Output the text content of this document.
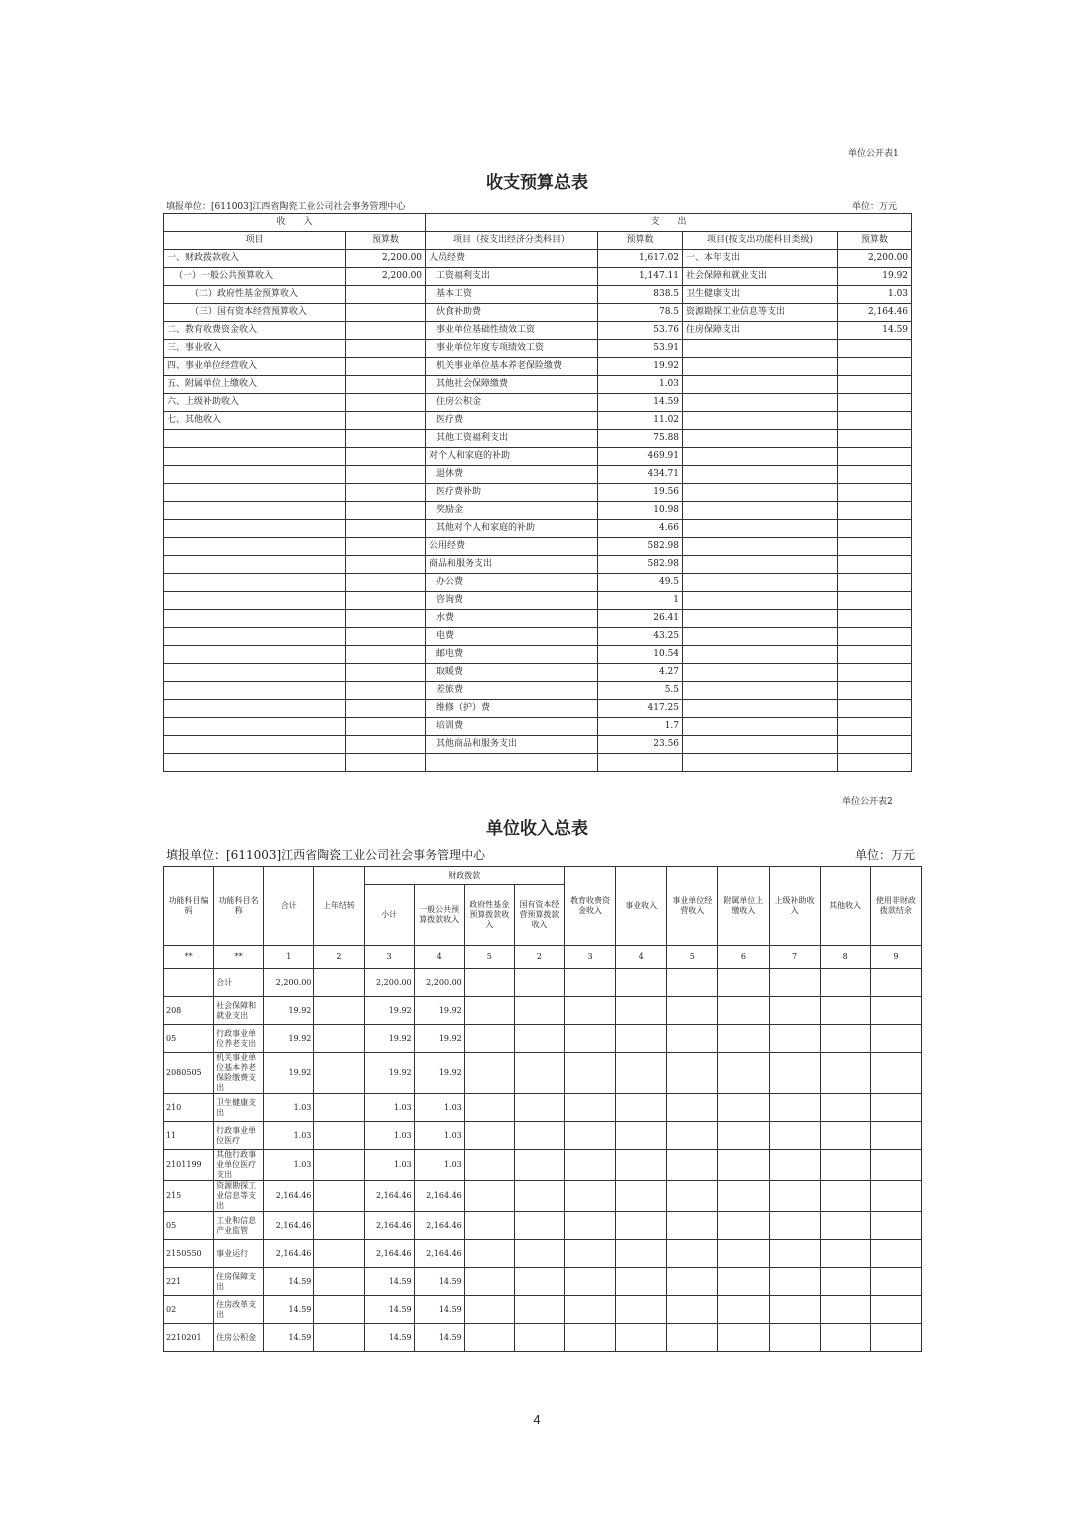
单位公开表1
收支预算总表
填报单位：[611003]江西省陶瓷工业公司社会事务管理中心	单位：万元
收　　入		支　　出			
项目	预算数	项目（按支出经济分类科目）	预算数	项目(按支出功能科目类级)	预算数
一、财政拨款收入	2,200.00	人员经费	1,617.02	一、本年支出	2,200.00
（一）一般公共预算收入	2,200.00	工资福利支出	1,147.11	社会保障和就业支出	19.92
（二）政府性基金预算收入		基本工资	838.5	卫生健康支出	1.03
（三）国有资本经营预算收入		伙食补助费	78.5	资源勘探工业信息等支出	2,164.46
二、教育收费资金收入		事业单位基础性绩效工资	53.76	住房保障支出	14.59
三、事业收入		事业单位年度专项绩效工资	53.91		
四、事业单位经营收入		机关事业单位基本养老保险缴费	19.92		
五、附属单位上缴收入		其他社会保障缴费	1.03		
六、上级补助收入		住房公积金	14.59		
七、其他收入		医疗费	11.02		
		其他工资福利支出	75.88		
		对个人和家庭的补助	469.91		
		退休费	434.71		
		医疗费补助	19.56		
		奖励金	10.98		
		其他对个人和家庭的补助	4.66		
		公用经费	582.98		
		商品和服务支出	582.98		
		办公费	49.5		
		咨询费	1		
		水费	26.41		
		电费	43.25		
		邮电费	10.54		
		取暖费	4.27		
		差旅费	5.5		
		维修（护）费	417.25		
		培训费	1.7		
		其他商品和服务支出	23.56		

单位公开表2
单位收入总表
填报单位：[611003]江西省陶瓷工业公司社会事务管理中心	单位：万元
功能科目编码	功能科目名称	合计	上年结转	财政拨款				教育收费资金收入	事业收入	事业单位经营收入	附属单位上缴收入	上级补助收入	其他收入	使用非财政拨款结余
				小计	一般公共预算拨款收入	政府性基金预算拨款收入	国有资本经营预算拨款收入							
**	**	1	2	3	4	5	2	3	4	5	6	7	8	9
	合计	2,200.00		2,200.00	2,200.00									
208	社会保障和就业支出	19.92		19.92	19.92									
05	行政事业单位养老支出	19.92		19.92	19.92									
2080505	机关事业单位基本养老保险缴费支出	19.92		19.92	19.92									
210	卫生健康支出	1.03		1.03	1.03									
11	行政事业单位医疗	1.03		1.03	1.03									
2101199	其他行政事业单位医疗支出	1.03		1.03	1.03									
215	资源勘探工业信息等支出	2,164.46		2,164.46	2,164.46									
05	工业和信息产业监管	2,164.46		2,164.46	2,164.46									
2150550	事业运行	2,164.46		2,164.46	2,164.46									
221	住房保障支出	14.59		14.59	14.59									
02	住房改革支出	14.59		14.59	14.59									
2210201	住房公积金	14.59		14.59	14.59									
4
